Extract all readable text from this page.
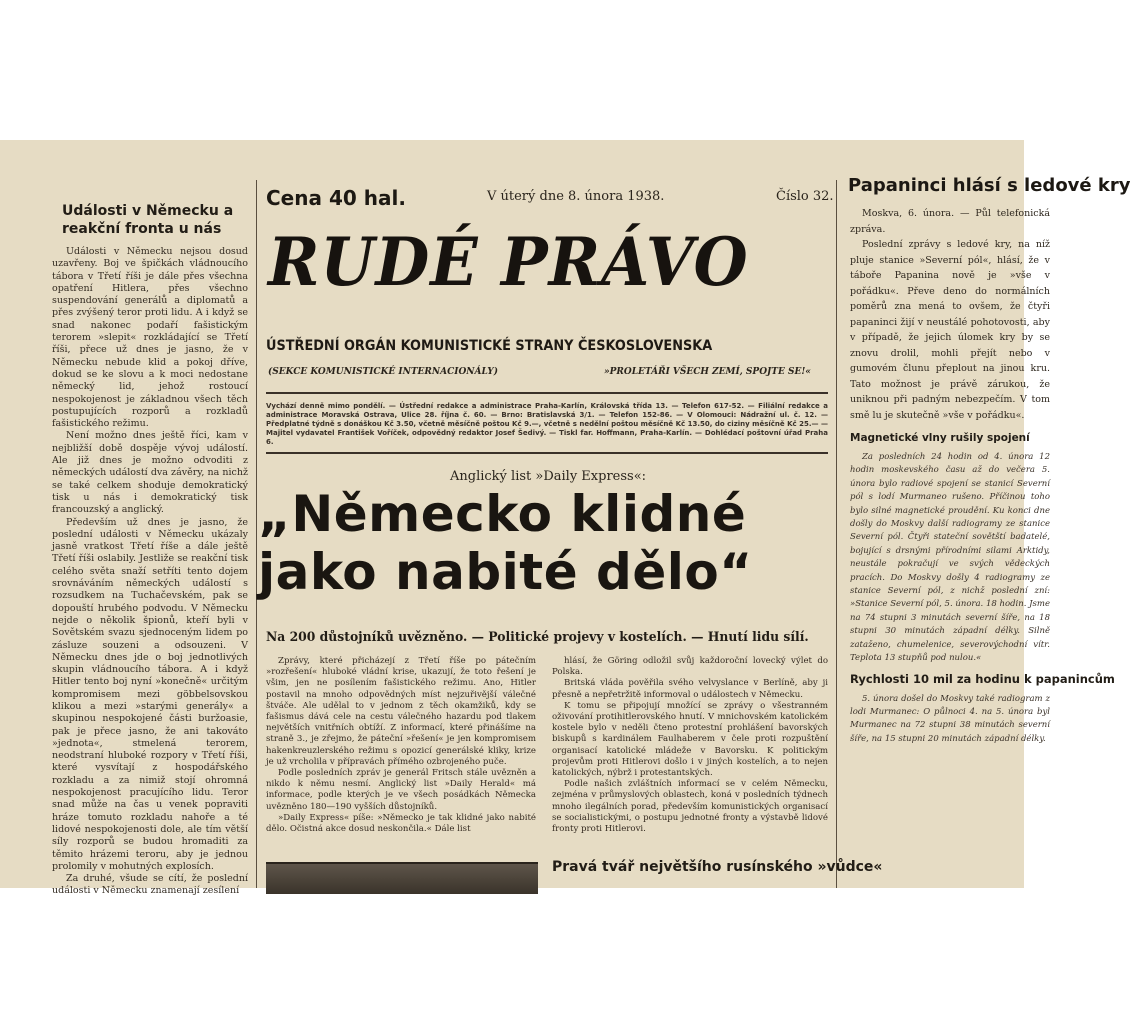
Události v Německu a reakční fronta u nás

Události v Německu nejsou dosud uzavřeny. Boj ve špičkách vládnoucího tábora v Třetí říši je dále přes všechna opatření Hitlera, přes všechno suspendování generálů a diplomatů a přes zvýšený teror proti lidu. A i když se snad nakonec podaří fašistickým terorem »slepit« rozkládající se Třetí říši, přece už dnes je jasno, že v Německu nebude klid a pokoj dříve, dokud se ke slovu a k moci nedostane německý lid, jehož rostoucí nespokojenost je základnou všech těch postupujících rozporů a rozkladů fašistického režimu.

Není možno dnes ještě říci, kam v nejbližší době dospěje vývoj událostí. Ale již dnes je možno odvoditi z německých událostí dva závěry, na nichž se také celkem shoduje demokratický tisk u nás i demokratický tisk francouzský a anglický.

Především už dnes je jasno, že poslední události v Německu ukázaly jasně vratkost Třetí říše a dále ještě Třetí říši oslabily. Jestliže se reakční tisk celého světa snaží setříti tento dojem srovnáváním německých událostí s rozsudkem na Tuchačevském, pak se dopouští hrubého podvodu. V Německu nejde o několik špionů, kteří byli v Sovětském svazu sjednoceným lidem po zásluze souzeni a odsouzeni. V Německu dnes jde o boj jednotlivých skupin vládnoucího tábora. A i když Hitler tento boj nyní »konečně« určitým kompromisem mezi göbbelsovskou klikou a mezi »starými generály« a skupinou nespokojené části buržoasie, pak je přece jasno, že ani takováto »jednota«, stmelená terorem, neodstraní hluboké rozpory v Třetí říši, které vysvítají z hospodářského rozkladu a za nimiž stojí ohromná nespokojenost pracujícího lidu. Teror snad může na čas u venek popraviti hráze tomuto rozkladu nahoře a té lidové nespokojenosti dole, ale tím větší síly rozporů se budou hromaditi za těmito hrázemi teroru, aby je jednou prolomily v mohutných explosích.

Za druhé, všude se cítí, že poslední události v Německu znamenají zesílení

Cena 40 hal.	V úterý dne 8. února 1938.	Číslo 32.
RUDÉ PRÁVO
ÚSTŘEDNÍ ORGÁN KOMUNISTICKÉ STRANY ČESKOSLOVENSKA
(SEKCE KOMUNISTICKÉ INTERNACIONÁLY)	»PROLETÁŘI VŠECH ZEMÍ, SPOJTE SE!«
Vychází denně mimo pondělí. — Ústřední redakce a administrace Praha-Karlín, Královská třída 13. — Telefon 617-52. — Filiální redakce a administrace Moravská Ostrava, Ulice 28. října č. 60. — Brno: Bratislavská 3/1. — Telefon 152-86. — V Olomouci: Nádražní ul. č. 12. — Předplatné týdně s donáškou Kč 3.50, včetně měsíčně poštou Kč 9.—, včetně s nedělní poštou měsíčně Kč 13.50, do ciziny měsíčně Kč 25.— — Majitel vydavatel František Voříček, odpovědný redaktor Josef Šedivý. — Tiskl far. Hoffmann, Praha-Karlín. — Dohlédací poštovní úřad Praha 6.
Anglický list »Daily Express«:
„Německo klidné jako nabité dělo“
Na 200 důstojníků uvězněno. — Politické projevy v kostelích. — Hnutí lidu sílí.

Zprávy, které přicházejí z Třetí říše po pátečním »rozřešení« hluboké vládní krise, ukazují, že toto řešení je všim, jen ne posílením fašistického režimu. Ano, Hitler postavil na mnoho odpovědných míst nejzuřivější válečné štváče. Ale udělal to v jednom z těch okamžiků, kdy se fašismus dává cele na cestu válečného hazardu pod tlakem největších vnitřních obtíží. Z informací, které přinášíme na straně 3., je zřejmo, že páteční »řešení« je jen kompromisem hakenkreuzlerského režimu s opozicí generálské kliky, krize je už vrcholila v přípravách přímého ozbrojeného puče.

Podle posledních zpráv je generál Fritsch stále uvězněn a nikdo k němu nesmí. Anglický list »Daily Herald« má informace, podle kterých je ve všech posádkách Německa uvězněno 180—190 vyšších důstojníků.

»Daily Express« píše: »Německo je tak klidné jako nabité dělo. Očistná akce dosud neskončila.« Dále list

hlásí, že Göring odložil svůj každoroční lovecký výlet do Polska.

Britská vláda pověřila svého velvyslance v Berlíně, aby ji přesně a nepřetržitě informoval o událostech v Německu.

K tomu se připojují množící se zprávy o všestranném oživování protihitlerovského hnutí. V mnichovském katolickém kostele bylo v neděli čteno protestní prohlášení bavorských biskupů s kardinálem Faulhaberem v čele proti rozpuštění organisací katolické mládeže v Bavorsku. K politickým projevům proti Hitlerovi došlo i v jiných kostelích, a to nejen katolických, nýbrž i protestantských.

Podle našich zvláštních informací se v celém Německu, zejména v průmyslových oblastech, koná v posledních týdnech mnoho ilegálních porad, především komunistických organisací se socialistickými, o postupu jednotné fronty a výstavbě lidové fronty proti Hitlerovi.

Pravá tvář největšího rusínského »vůdce«
Papaninci hlásí s ledové kry

Moskva, 6. února. — Půl telefonická zpráva.

Poslední zprávy s ledové kry, na níž pluje stanice »Severní pól«, hlásí, že v táboře Papanina nově je »vše v pořádku«. Převe deno do normálních poměrů zna mená to ovšem, že čtyři papaninci žijí v neustálé pohotovosti, aby v případě, že jejich úlomek kry by se znovu drolil, mohli přejít nebo v gumovém člunu přeplout na jinou kru. Tato možnost je právě zárukou, že uniknou při padným nebezpečím. V tom smě lu je skutečně »vše v pořádku«.

Magnetické vlny rušily spojení

Za posledních 24 hodin od 4. února 12 hodin moskevského času až do večera 5. února bylo radiové spojení se stanicí Severní pól s lodí Murmaneo rušeno. Příčinou toho bylo silné magnetické proudění. Ku konci dne došly do Moskvy další radiogramy ze stanice Severní pól. Čtyři stateční sovětští badatelé, bojující s drsnými přírodními silami Arktidy, neustále pokračují ve svých vědeckých pracích. Do Moskvy došly 4 radiogramy ze stanice Severní pól, z nichž poslední zní: »Stanice Severní pól, 5. února. 18 hodin. Jsme na 74 stupni 3 minutách severní šíře, na 18 stupni 30 minutách západní délky. Silně zataženo, chumelenice, severovýchodní vítr. Teplota 13 stupňů pod nulou.«

Rychlosti 10 mil za hodinu k papanincům

5. února došel do Moskvy také radiogram z lodi Murmanec: O půlnoci 4. na 5. února byl Murmanec na 72 stupni 38 minutách severní šíře, na 15 stupni 20 minutách západní délky.
